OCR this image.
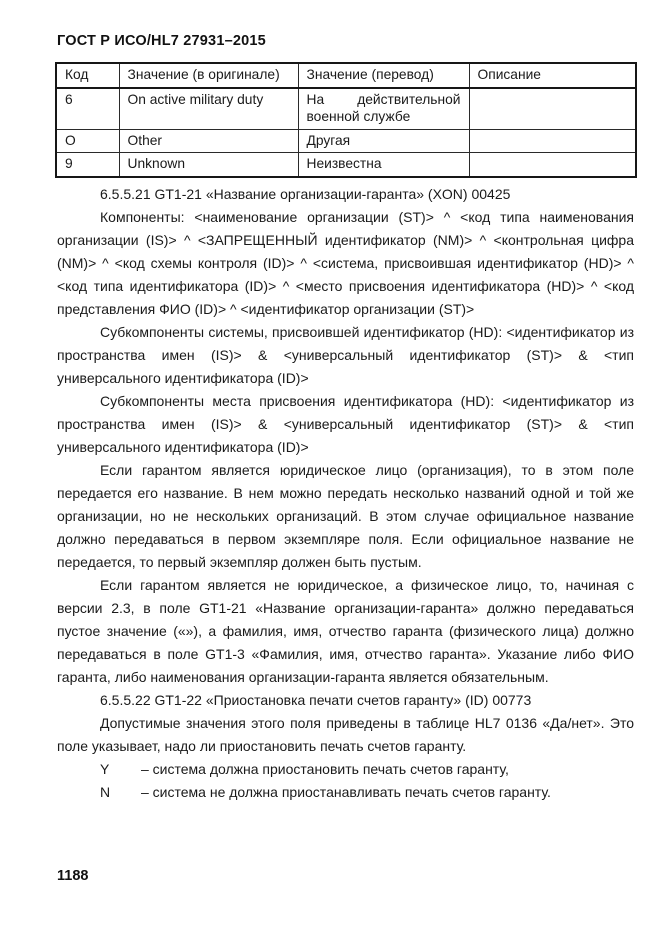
ГОСТ Р ИСО/HL7 27931–2015
Код	Значение (в оригинале)	Значение (перевод)	Описание
6	On active military duty	На действительной военной службе	
O	Other	Другая	
9	Unknown	Неизвестна	

6.5.5.21 GT1-21 «Название организации-гаранта» (XON) 00425

Компоненты: <наименование организации (ST)> ^ <код типа наименования организации (IS)> ^ <ЗАПРЕЩЕННЫЙ идентификатор (NM)> ^ <контрольная цифра (NM)> ^ <код схемы контроля (ID)> ^ <система, присвоившая идентификатор (HD)> ^ <код типа идентификатора (ID)> ^ <место присвоения идентификатора (HD)> ^ <код представления ФИО (ID)> ^ <идентификатор организации (ST)>

Субкомпоненты системы, присвоившей идентификатор (HD): <идентификатор из пространства имен (IS)> & <универсальный идентификатор (ST)> & <тип универсального идентификатора (ID)>

Субкомпоненты места присвоения идентификатора (HD): <идентификатор из пространства имен (IS)> & <универсальный идентификатор (ST)> & <тип универсального идентификатора (ID)>

Если гарантом является юридическое лицо (организация), то в этом поле передается его название. В нем можно передать несколько названий одной и той же организации, но не нескольких организаций. В этом случае официальное название должно передаваться в первом экземпляре поля. Если официальное название не передается, то первый экземпляр должен быть пустым.

Если гарантом является не юридическое, а физическое лицо, то, начиная с версии 2.3, в поле GT1-21 «Название организации-гаранта» должно передаваться пустое значение («»), а фамилия, имя, отчество гаранта (физического лица) должно передаваться в поле GT1-3 «Фамилия, имя, отчество гаранта». Указание либо ФИО гаранта, либо наименования организации-гаранта является обязательным.

6.5.5.22 GT1-22 «Приостановка печати счетов гаранту» (ID) 00773

Допустимые значения этого поля приведены в таблице HL7 0136 «Да/нет». Это поле указывает, надо ли приостановить печать счетов гаранту.

Y	– система должна приостановить печать счетов гаранту,
N	– система не должна приостанавливать печать счетов гаранту.
1188
